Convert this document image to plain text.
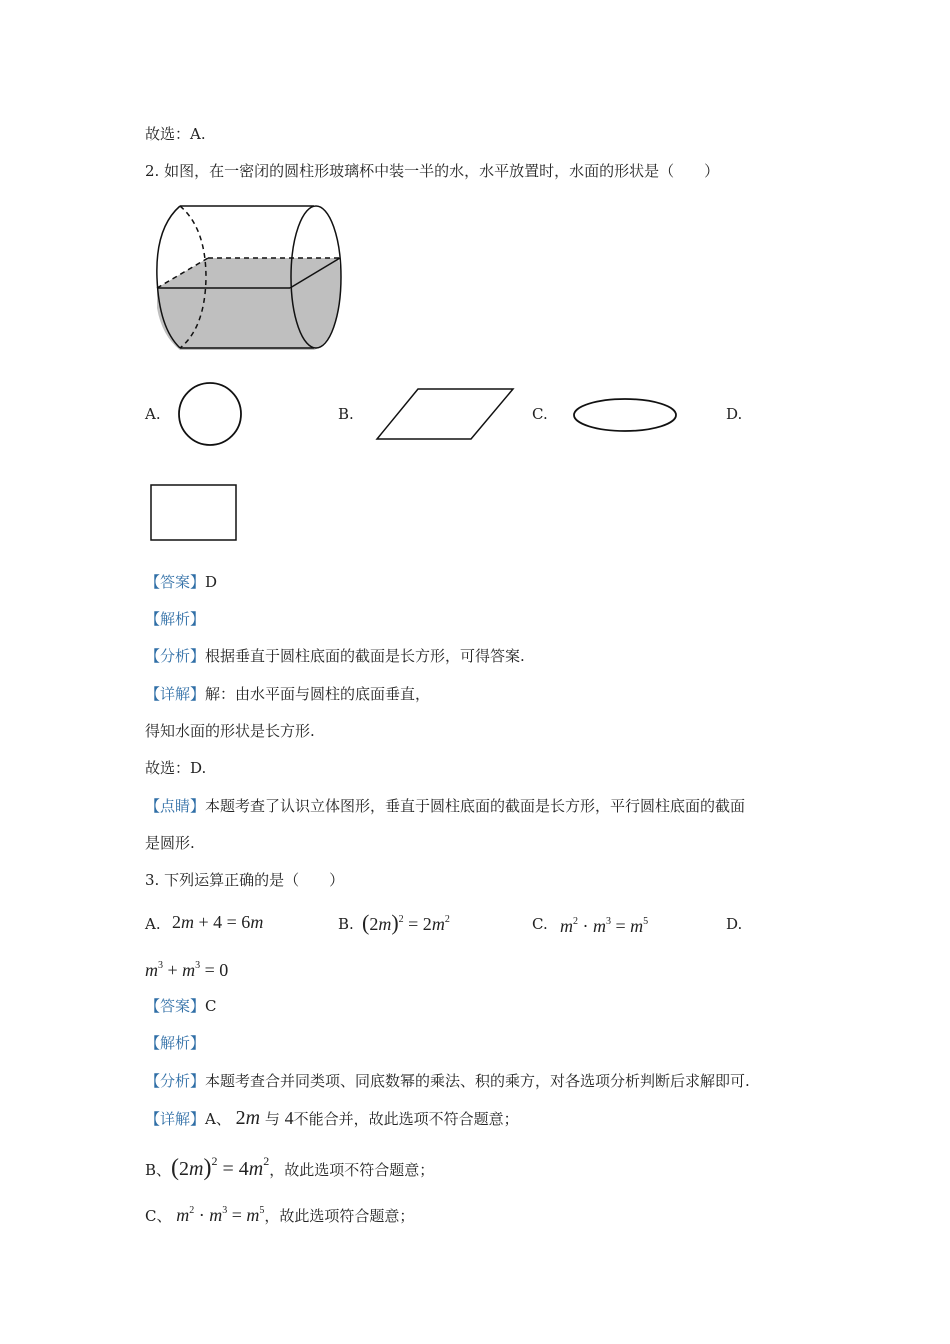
故选：A.
2. 如图，在一密闭的圆柱形玻璃杯中装一半的水，水平放置时，水面的形状是（　　）
A.	B.	C.	D.
【答案】D
【解析】
【分析】根据垂直于圆柱底面的截面是长方形，可得答案.
【详解】解：由水平面与圆柱的底面垂直，
得知水面的形状是长方形.
故选：D.
【点睛】本题考查了认识立体图形，垂直于圆柱底面的截面是长方形，平行圆柱底面的截面
是圆形.
3. 下列运算正确的是（　　）
A. 2m + 4 = 6m	B. $(2m)^2 = 2m^2$	C. $m^2 \cdot m^3 = m^5$	D.
$m^3 + m^3 = 0$
【答案】C
【解析】
【分析】本题考查合并同类项、同底数幂的乘法、积的乘方，对各选项分析判断后求解即可.
【详解】A、 2m 与 4不能合并，故此选项不符合题意；
B、$(2m)^2 = 4m^2$，故此选项不符合题意；
C、 $m^2 \cdot m^3 = m^5$，故此选项符合题意；
